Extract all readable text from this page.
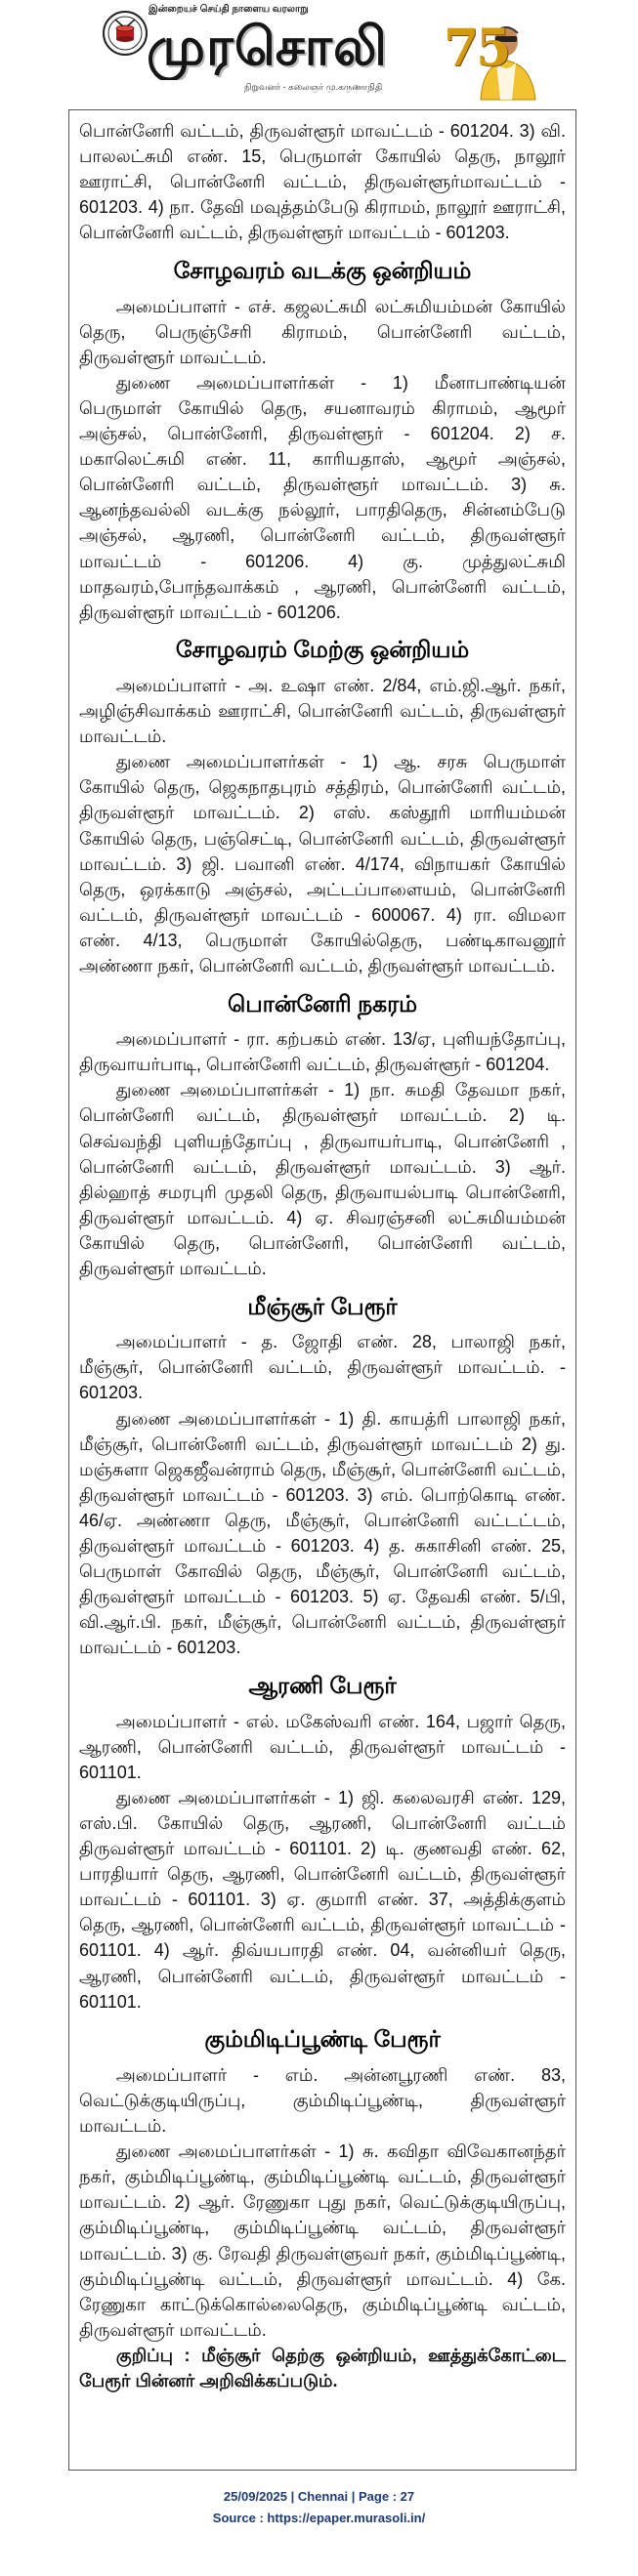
இன்றையச் செய்தி நாளைய வரலாறு
முரசொலி
நிறுவனர் - கலைஞர் மு.கருணாநிதி
75

பொன்னேரி வட்டம், திருவள்ளூர் மாவட்டம் - 601204. 3) வி. பாலலட்சுமி எண். 15, பெருமாள் கோயில் தெரு, நாலூர் ஊராட்சி, பொன்னேரி வட்டம், திருவள்ளூர்மாவட்டம் - 601203. 4) நா. தேவி மவுத்தம்பேடு கிராமம், நாலூர் ஊராட்சி, பொன்னேரி வட்டம், திருவள்ளூர் மாவட்டம் - 601203.

சோழவரம் வடக்கு ஒன்றியம்

அமைப்பாளர் - எச். கஜலட்சுமி லட்சுமியம்மன் கோயில் தெரு, பெருஞ்சேரி கிராமம், பொன்னேரி வட்டம், திருவள்ளூர் மாவட்டம்.

துணை அமைப்பாளர்கள் - 1) மீனாபாண்டியன் பெருமாள் கோயில் தெரு, சயனாவரம் கிராமம், ஆமூர் அஞ்சல், பொன்னேரி, திருவள்ளூர் - 601204. 2) ச. மகாலெட்சுமி எண். 11, காரியதாஸ், ஆமூர் அஞ்சல், பொன்னேரி வட்டம், திருவள்ளூர் மாவட்டம். 3) சு. ஆனந்தவல்லி வடக்கு நல்லூர், பாரதிதெரு, சின்னம்பேடு அஞ்சல், ஆரணி, பொன்னேரி வட்டம், திருவள்ளூர் மாவட்டம் - 601206. 4) கு. முத்துலட்சுமி மாதவரம்,போந்தவாக்கம் , ஆரணி, பொன்னேரி வட்டம், திருவள்ளூர் மாவட்டம் - 601206.

சோழவரம் மேற்கு ஒன்றியம்

அமைப்பாளர் - அ. உஷா எண். 2/84, எம்.ஜி.ஆர். நகர், அழிஞ்சிவாக்கம் ஊராட்சி, பொன்னேரி வட்டம், திருவள்ளூர் மாவட்டம்.

துணை அமைப்பாளர்கள் - 1) ஆ. சரசு பெருமாள் கோயில் தெரு, ஜெகநாதபுரம் சத்திரம், பொன்னேரி வட்டம், திருவள்ளூர் மாவட்டம். 2) எஸ். கஸ்தூரி மாரியம்மன் கோயில் தெரு, பஞ்செட்டி, பொன்னேரி வட்டம், திருவள்ளூர் மாவட்டம். 3) ஜி. பவானி எண். 4/174, விநாயகர் கோயில் தெரு, ஒரக்காடு அஞ்சல், அட்டப்பாளையம், பொன்னேரி வட்டம், திருவள்ளூர் மாவட்டம் - 600067. 4) ரா. விமலா எண். 4/13, பெருமாள் கோயில்தெரு, பண்டிகாவனூர் அண்ணா நகர், பொன்னேரி வட்டம், திருவள்ளூர் மாவட்டம்.

பொன்னேரி நகரம்

அமைப்பாளர் - ரா. கற்பகம் எண். 13/ஏ, புளியந்தோப்பு, திருவாயர்பாடி, பொன்னேரி வட்டம், திருவள்ளூர் - 601204.

துணை அமைப்பாளர்கள் - 1) நா. சுமதி தேவமா நகர், பொன்னேரி வட்டம், திருவள்ளூர் மாவட்டம். 2) டி. செவ்வந்தி புளியந்தோப்பு , திருவாயர்பாடி, பொன்னேரி , பொன்னேரி வட்டம், திருவள்ளூர் மாவட்டம். 3) ஆர். தில்ஹாத் சமரபுரி முதலி தெரு, திருவாயல்பாடி பொன்னேரி, திருவள்ளூர் மாவட்டம். 4) ஏ. சிவரஞ்சனி லட்சுமியம்மன் கோயில் தெரு, பொன்னேரி, பொன்னேரி வட்டம், திருவள்ளூர் மாவட்டம்.

மீஞ்சூர் பேரூர்

அமைப்பாளர் - த. ஜோதி எண். 28, பாலாஜி நகர், மீஞ்சூர், பொன்னேரி வட்டம், திருவள்ளூர் மாவட்டம். - 601203.

துணை அமைப்பாளர்கள் - 1) தி. காயத்ரி பாலாஜி நகர், மீஞ்சூர், பொன்னேரி வட்டம், திருவள்ளூர் மாவட்டம் 2) து. மஞ்சுளா ஜெகஜீவன்ராம் தெரு, மீஞ்சூர், பொன்னேரி வட்டம், திருவள்ளூர் மாவட்டம் - 601203. 3) எம். பொற்கொடி எண். 46/ஏ. அண்ணா தெரு, மீஞ்சூர், பொன்னேரி வட்டட்டம், திருவள்ளூர் மாவட்டம் - 601203. 4) த. சுகாசினி எண். 25, பெருமாள் கோவில் தெரு, மீஞ்சூர், பொன்னேரி வட்டம், திருவள்ளூர் மாவட்டம் - 601203. 5) ஏ. தேவகி எண். 5/பி, வி.ஆர்.பி. நகர், மீஞ்சூர், பொன்னேரி வட்டம், திருவள்ளூர் மாவட்டம் - 601203.

ஆரணி பேரூர்

அமைப்பாளர் - எல். மகேஸ்வரி எண். 164, பஜார் தெரு, ஆரணி, பொன்னேரி வட்டம், திருவள்ளூர் மாவட்டம் - 601101.

துணை அமைப்பாளர்கள் - 1) ஜி. கலைவரசி எண். 129, எஸ்.பி. கோயில் தெரு, ஆரணி, பொன்னேரி வட்டம் திருவள்ளூர் மாவட்டம் - 601101. 2) டி. குணவதி எண். 62, பாரதியார் தெரு, ஆரணி, பொன்னேரி வட்டம், திருவள்ளூர் மாவட்டம் - 601101. 3) ஏ. குமாரி எண். 37, அத்திக்குளம் தெரு, ஆரணி, பொன்னேரி வட்டம், திருவள்ளூர் மாவட்டம் - 601101. 4) ஆர். திவ்யபாரதி எண். 04, வன்னியர் தெரு, ஆரணி, பொன்னேரி வட்டம், திருவள்ளூர் மாவட்டம் - 601101.

கும்மிடிப்பூண்டி பேரூர்

அமைப்பாளர் - எம். அன்னபூரணி எண். 83, வெட்டுக்குடியிருப்பு, கும்மிடிப்பூண்டி, திருவள்ளூர் மாவட்டம்.

துணை அமைப்பாளர்கள் - 1) சு. கவிதா விவேகானந்தர் நகர், கும்மிடிப்பூண்டி, கும்மிடிப்பூண்டி வட்டம், திருவள்ளூர் மாவட்டம். 2) ஆர். ரேணுகா புது நகர், வெட்டுக்குடியிருப்பு, கும்மிடிப்பூண்டி, கும்மிடிப்பூண்டி வட்டம், திருவள்ளூர் மாவட்டம். 3) கு. ரேவதி திருவள்ளுவர் நகர், கும்மிடிப்பூண்டி, கும்மிடிப்பூண்டி வட்டம், திருவள்ளூர் மாவட்டம். 4) கே. ரேணுகா காட்டுக்கொல்லைதெரு, கும்மிடிப்பூண்டி வட்டம், திருவள்ளூர் மாவட்டம்.

குறிப்பு : மீஞ்சூர் தெற்கு ஒன்றியம், ஊத்துக்கோட்டை பேரூர் பின்னர் அறிவிக்கப்படும்.

25/09/2025 | Chennai | Page : 27
Source : https://epaper.murasoli.in/
